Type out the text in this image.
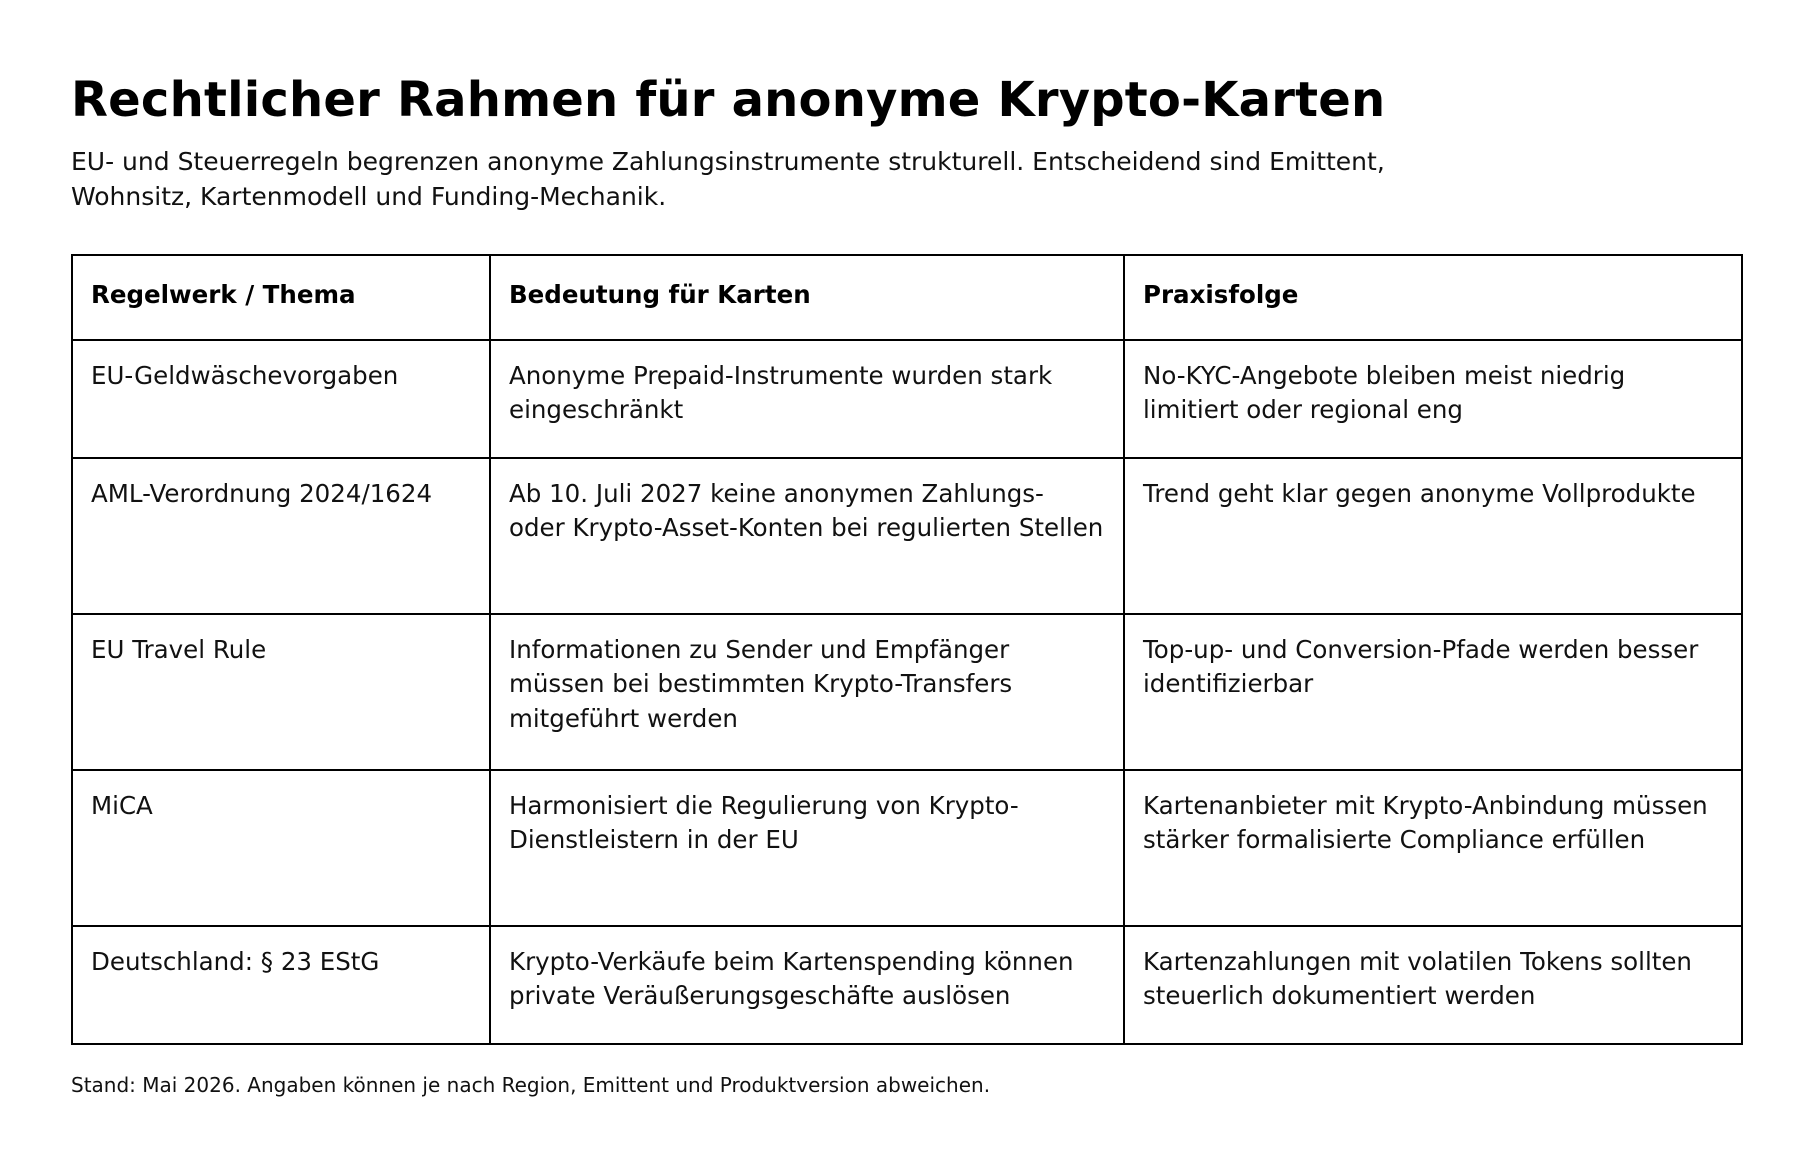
Rechtlicher Rahmen für anonyme Krypto-Karten

EU- und Steuerregeln begrenzen anonyme Zahlungsinstrumente strukturell. Entscheidend sind Emittent, Wohnsitz, Kartenmodell und Funding-Mechanik.

Regelwerk / Thema	Bedeutung für Karten	Praxisfolge
EU-Geldwäschevorgaben	Anonyme Prepaid-Instrumente wurden stark eingeschränkt	No-KYC-Angebote bleiben meist niedrig limitiert oder regional eng
AML-Verordnung 2024/1624	Ab 10. Juli 2027 keine anonymen Zahlungs- oder Krypto-Asset-Konten bei regulierten Stellen	Trend geht klar gegen anonyme Vollprodukte
EU Travel Rule	Informationen zu Sender und Empfänger müssen bei bestimmten Krypto-Transfers mitgeführt werden	Top-up- und Conversion-Pfade werden besser identifizierbar
MiCA	Harmonisiert die Regulierung von Krypto-Dienstleistern in der EU	Kartenanbieter mit Krypto-Anbindung müssen stärker formalisierte Compliance erfüllen
Deutschland: § 23 EStG	Krypto-Verkäufe beim Kartenspending können private Veräußerungsgeschäfte auslösen	Kartenzahlungen mit volatilen Tokens sollten steuerlich dokumentiert werden

Stand: Mai 2026. Angaben können je nach Region, Emittent und Produktversion abweichen.
